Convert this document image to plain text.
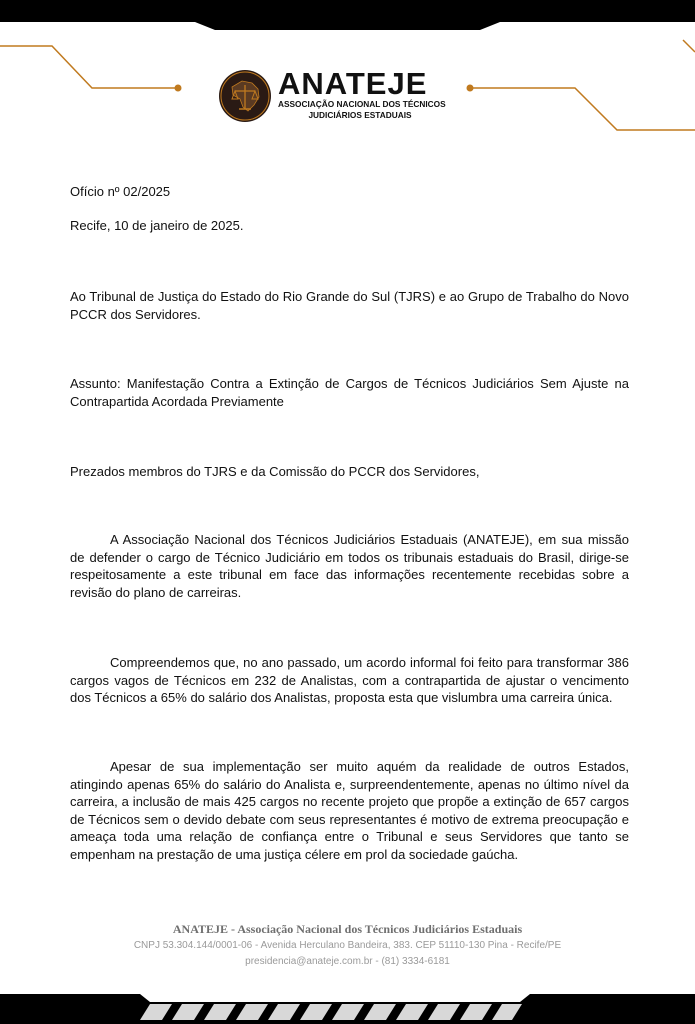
ANATEJE
ASSOCIAÇÃO NACIONAL DOS TÉCNICOS
JUDICIÁRIOS ESTADUAIS
Ofício nº 02/2025
Recife, 10 de janeiro de 2025.
Ao Tribunal de Justiça do Estado do Rio Grande do Sul (TJRS) e ao Grupo de Trabalho do Novo PCCR dos Servidores.
Assunto: Manifestação Contra a Extinção de Cargos de Técnicos Judiciários Sem Ajuste na Contrapartida Acordada Previamente
Prezados membros do TJRS e da Comissão do PCCR dos Servidores,
A Associação Nacional dos Técnicos Judiciários Estaduais (ANATEJE), em sua missão de defender o cargo de Técnico Judiciário em todos os tribunais estaduais do Brasil, dirige-se respeitosamente a este tribunal em face das informações recentemente recebidas sobre a revisão do plano de carreiras.
Compreendemos que, no ano passado, um acordo informal foi feito para transformar 386 cargos vagos de Técnicos em 232 de Analistas, com a contrapartida de ajustar o vencimento dos Técnicos a 65% do salário dos Analistas, proposta esta que vislumbra uma carreira única.
Apesar de sua implementação ser muito aquém da realidade de outros Estados, atingindo apenas 65% do salário do Analista e, surpreendentemente, apenas no último nível da carreira, a inclusão de mais 425 cargos no recente projeto que propõe a extinção de 657 cargos de Técnicos sem o devido debate com seus representantes é motivo de extrema preocupação e ameaça toda uma relação de confiança entre o Tribunal e seus Servidores que tanto se empenham na prestação de uma justiça célere em prol da sociedade gaúcha.
ANATEJE - Associação Nacional dos Técnicos Judiciários Estaduais
CNPJ 53.304.144/0001-06 - Avenida Herculano Bandeira, 383. CEP 51110-130 Pina - Recife/PE
presidencia@anateje.com.br - (81) 3334-6181
